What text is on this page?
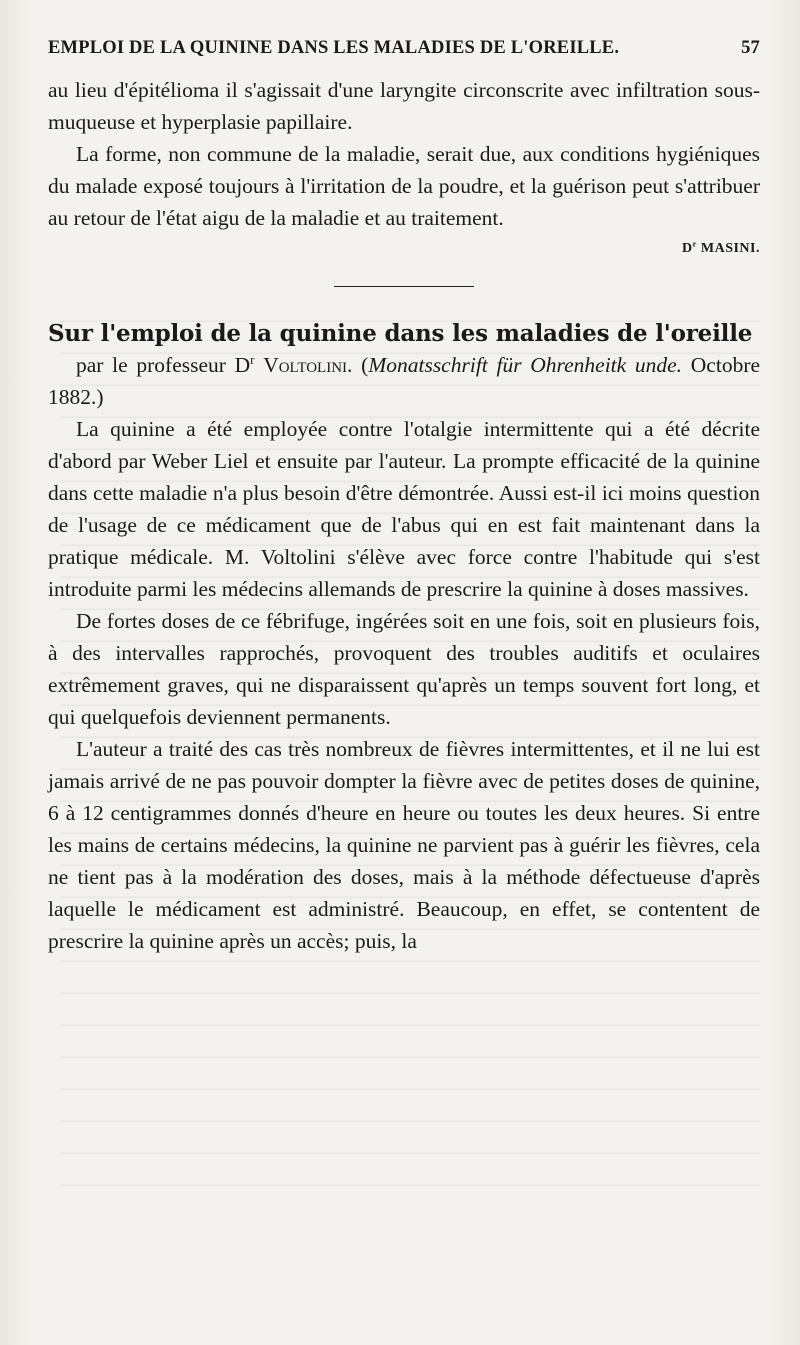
EMPLOI DE LA QUININE DANS LES MALADIES DE L'OREILLE.	57

au lieu d'épitélioma il s'agissait d'une laryngite circonscrite avec infiltration sous-muqueuse et hyperplasie papillaire.

La forme, non commune de la maladie, serait due, aux conditions hygiéniques du malade exposé toujours à l'irritation de la poudre, et la guérison peut s'attribuer au retour de l'état aigu de la maladie et au traitement.

$D^r$ MASINI.

Sur l'emploi de la quinine dans les maladies de l'oreille

par le professeur $D^r$ Voltolini. (Monatsschrift für Ohrenheitk unde. Octobre 1882.)

La quinine a été employée contre l'otalgie intermittente qui a été décrite d'abord par Weber Liel et ensuite par l'auteur. La prompte efficacité de la quinine dans cette maladie n'a plus besoin d'être démontrée. Aussi est-il ici moins question de l'usage de ce médicament que de l'abus qui en est fait maintenant dans la pratique médicale. M. Voltolini s'élève avec force contre l'habitude qui s'est introduite parmi les médecins allemands de prescrire la quinine à doses massives.

De fortes doses de ce fébrifuge, ingérées soit en une fois, soit en plusieurs fois, à des intervalles rapprochés, provoquent des troubles auditifs et oculaires extrêmement graves, qui ne disparaissent qu'après un temps souvent fort long, et qui quelquefois deviennent permanents.

L'auteur a traité des cas très nombreux de fièvres intermittentes, et il ne lui est jamais arrivé de ne pas pouvoir dompter la fièvre avec de petites doses de quinine, 6 à 12 centigrammes donnés d'heure en heure ou toutes les deux heures. Si entre les mains de certains médecins, la quinine ne parvient pas à guérir les fièvres, cela ne tient pas à la modération des doses, mais à la méthode défectueuse d'après laquelle le médicament est administré. Beaucoup, en effet, se contentent de prescrire la quinine après un accès; puis, la
